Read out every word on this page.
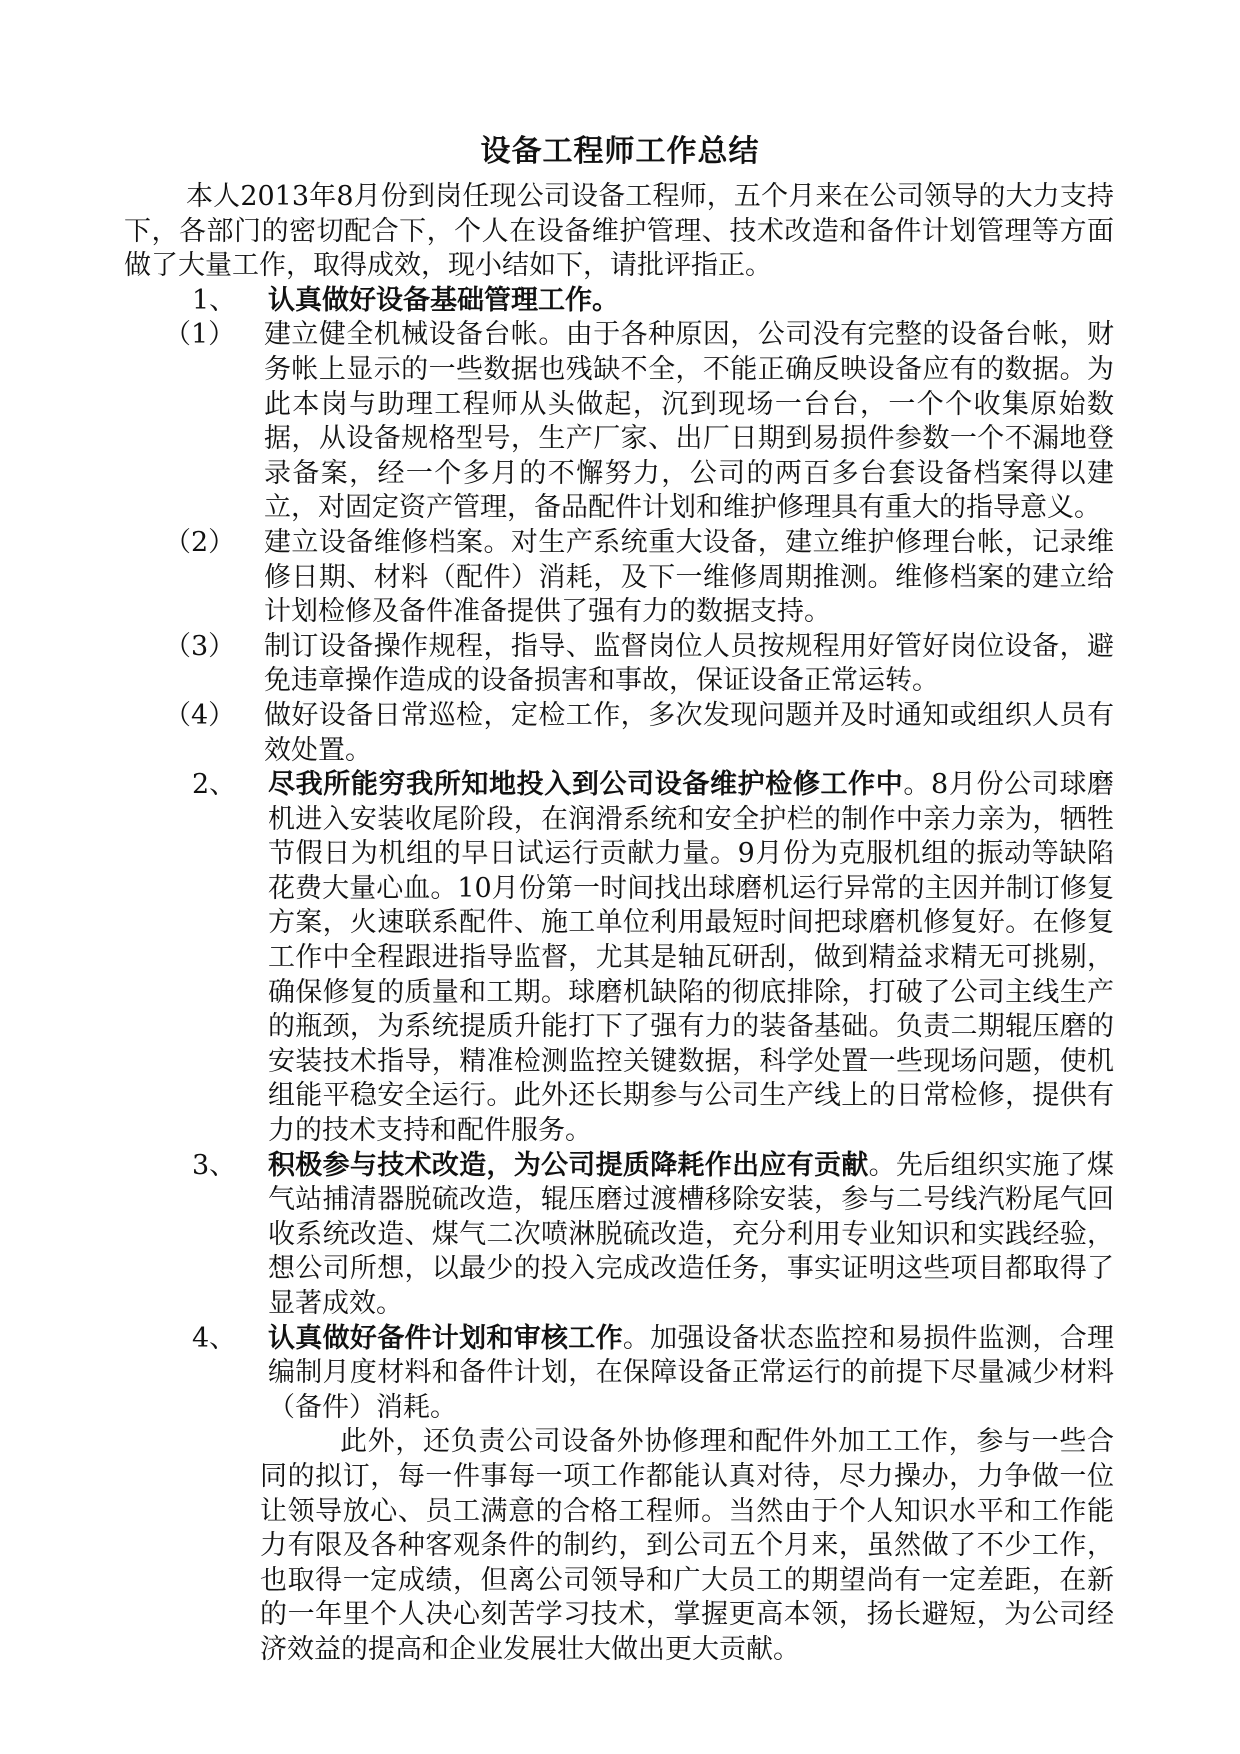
设备工程师工作总结

本人2013年8月份到岗任现公司设备工程师，五个月来在公司领导的大力支持下，各部门的密切配合下，个人在设备维护管理、技术改造和备件计划管理等方面做了大量工作，取得成效，现小结如下，请批评指正。

1、	认真做好设备基础管理工作。
（1）	建立健全机械设备台帐。由于各种原因，公司没有完整的设备台帐，财务帐上显示的一些数据也残缺不全，不能正确反映设备应有的数据。为此本岗与助理工程师从头做起，沉到现场一台台，一个个收集原始数据，从设备规格型号，生产厂家、出厂日期到易损件参数一个不漏地登录备案，经一个多月的不懈努力，公司的两百多台套设备档案得以建立，对固定资产管理，备品配件计划和维护修理具有重大的指导意义。
（2）	建立设备维修档案。对生产系统重大设备，建立维护修理台帐，记录维修日期、材料（配件）消耗，及下一维修周期推测。维修档案的建立给计划检修及备件准备提供了强有力的数据支持。
（3）	制订设备操作规程，指导、监督岗位人员按规程用好管好岗位设备，避免违章操作造成的设备损害和事故，保证设备正常运转。
（4）	做好设备日常巡检，定检工作，多次发现问题并及时通知或组织人员有效处置。
2、	尽我所能穷我所知地投入到公司设备维护检修工作中。8月份公司球磨机进入安装收尾阶段，在润滑系统和安全护栏的制作中亲力亲为，牺牲节假日为机组的早日试运行贡献力量。9月份为克服机组的振动等缺陷花费大量心血。10月份第一时间找出球磨机运行异常的主因并制订修复方案，火速联系配件、施工单位利用最短时间把球磨机修复好。在修复工作中全程跟进指导监督，尤其是轴瓦研刮，做到精益求精无可挑剔，确保修复的质量和工期。球磨机缺陷的彻底排除，打破了公司主线生产的瓶颈，为系统提质升能打下了强有力的装备基础。负责二期辊压磨的安装技术指导，精准检测监控关键数据，科学处置一些现场问题，使机组能平稳安全运行。此外还长期参与公司生产线上的日常检修，提供有力的技术支持和配件服务。
3、	积极参与技术改造，为公司提质降耗作出应有贡献。先后组织实施了煤气站捕清器脱硫改造，辊压磨过渡槽移除安装，参与二号线汽粉尾气回收系统改造、煤气二次喷淋脱硫改造，充分利用专业知识和实践经验，想公司所想，以最少的投入完成改造任务，事实证明这些项目都取得了显著成效。
4、	认真做好备件计划和审核工作。加强设备状态监控和易损件监测，合理编制月度材料和备件计划，在保障设备正常运行的前提下尽量减少材料（备件）消耗。

此外，还负责公司设备外协修理和配件外加工工作，参与一些合同的拟订，每一件事每一项工作都能认真对待，尽力操办，力争做一位让领导放心、员工满意的合格工程师。当然由于个人知识水平和工作能力有限及各种客观条件的制约，到公司五个月来，虽然做了不少工作，也取得一定成绩，但离公司领导和广大员工的期望尚有一定差距，在新的一年里个人决心刻苦学习技术，掌握更高本领，扬长避短，为公司经济效益的提高和企业发展壮大做出更大贡献。
